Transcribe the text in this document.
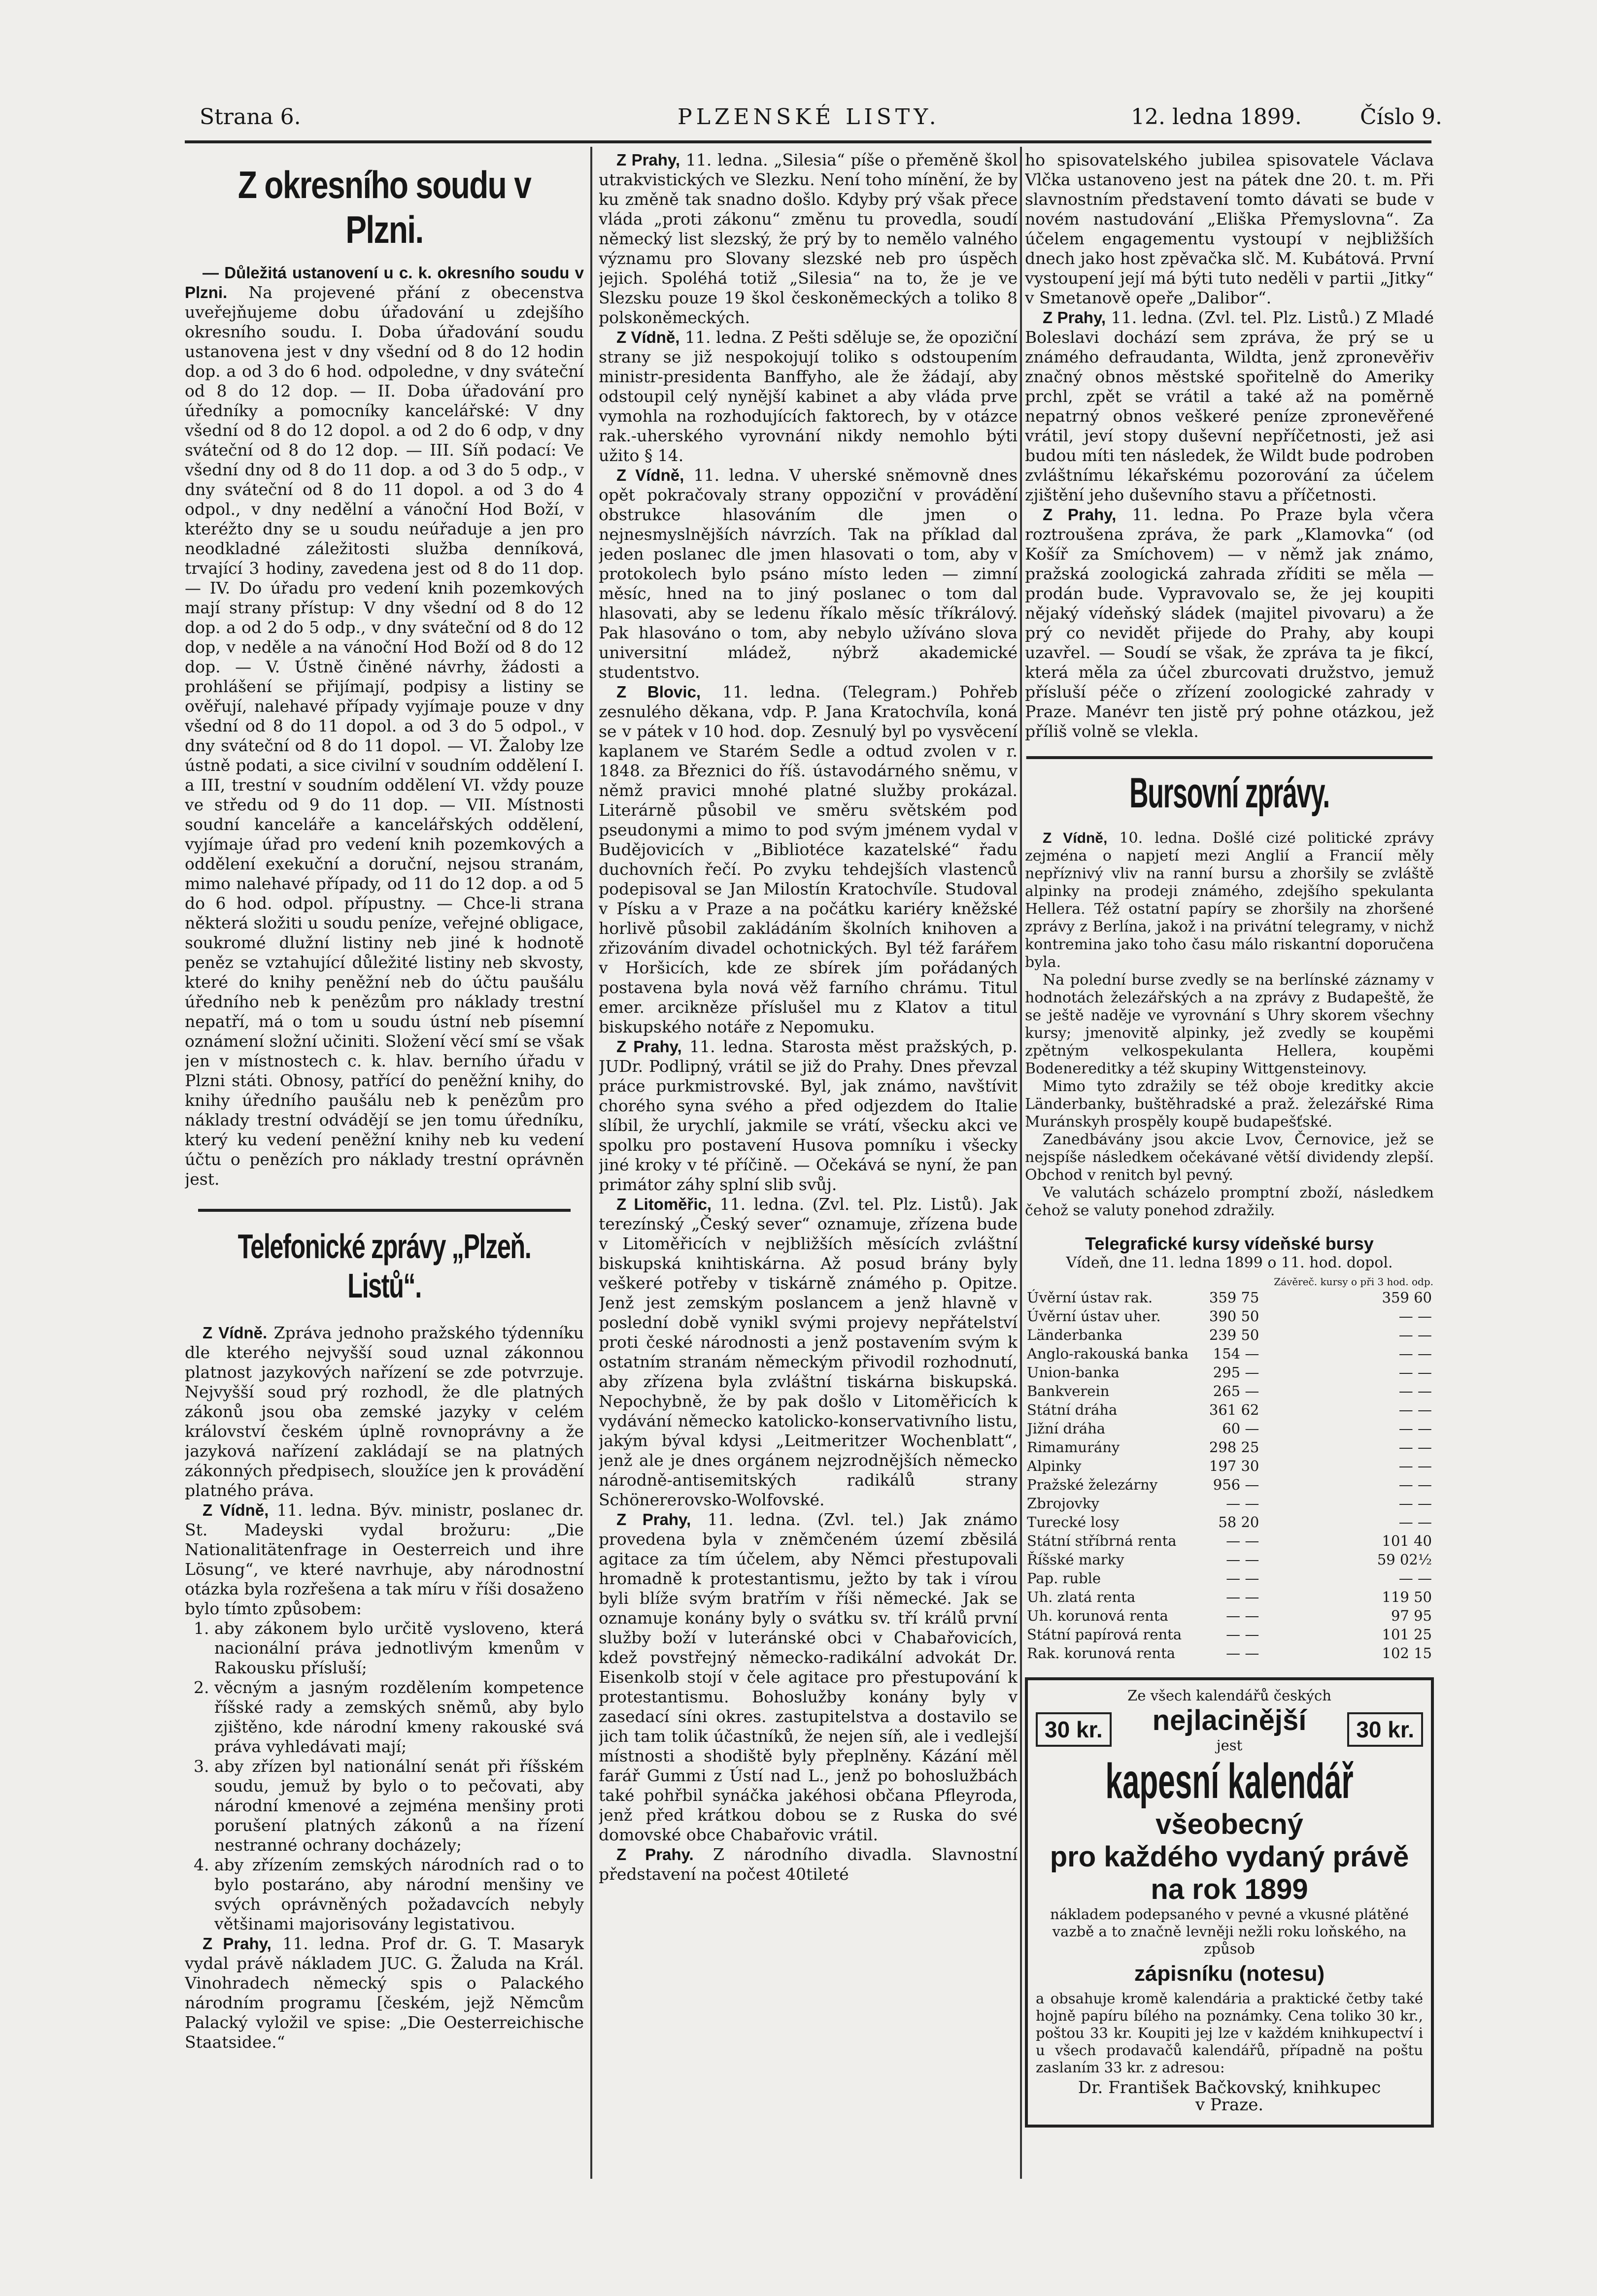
Strana 6.	PLZENSKÉ LISTY.	12. ledna 1899.	Číslo 9.
Z okresního soudu v Plzni.

— Důležitá ustanovení u c. k. okresního soudu v Plzni. Na projevené přání z obecenstva uveřejňujeme dobu úřadování u zdejšího okresního soudu. I. Doba úřadování soudu ustanovena jest v dny všední od 8 do 12 hodin dop. a od 3 do 6 hod. odpoledne, v dny sváteční od 8 do 12 dop. — II. Doba úřadování pro úředníky a pomocníky kancelářské: V dny všední od 8 do 12 dopol. a od 2 do 6 odp, v dny sváteční od 8 do 12 dop. — III. Síň podací: Ve všední dny od 8 do 11 dop. a od 3 do 5 odp., v dny sváteční od 8 do 11 dopol. a od 3 do 4 odpol., v dny nedělní a vánoční Hod Boží, v kteréžto dny se u soudu neúřaduje a jen pro neodkladné záležitosti služba denníková, trvající 3 hodiny, zavedena jest od 8 do 11 dop. — IV. Do úřadu pro vedení knih pozemkových mají strany přístup: V dny všední od 8 do 12 dop. a od 2 do 5 odp., v dny sváteční od 8 do 12 dop, v neděle a na vánoční Hod Boží od 8 do 12 dop. — V. Ústně činěné návrhy, žádosti a prohlášení se přijímají, podpisy a listiny se ověřují, nalehavé případy vyjímaje pouze v dny všední od 8 do 11 dopol. a od 3 do 5 odpol., v dny sváteční od 8 do 11 dopol. — VI. Žaloby lze ústně podati, a sice civilní v soudním oddělení I. a III, trestní v soudním oddělení VI. vždy pouze ve středu od 9 do 11 dop. — VII. Místnosti soudní kanceláře a kancelářských oddělení, vyjímaje úřad pro vedení knih pozemkových a oddělení exekuční a doruční, nejsou stranám, mimo nalehavé případy, od 11 do 12 dop. a od 5 do 6 hod. odpol. přípustny. — Chce-li strana některá složiti u soudu peníze, veřejné obligace, soukromé dlužní listiny neb jiné k hodnotě peněz se vztahující důležité listiny neb skvosty, které do knihy peněžní neb do účtu paušálu úředního neb k penězům pro náklady trestní nepatří, má o tom u soudu ústní neb písemní oznámení složní učiniti. Složení věcí smí se však jen v místnostech c. k. hlav. berního úřadu v Plzni státi. Obnosy, patřící do peněžní knihy, do knihy úředního paušálu neb k penězům pro náklady trestní odvádějí se jen tomu úředníku, který ku vedení peněžní knihy neb ku vedení účtu o penězích pro náklady trestní oprávněn jest.

Telefonické zprávy „Plzeň. Listů“.

Z Vídně. Zpráva jednoho pražského týdenníku dle kterého nejvyšší soud uznal zákonnou platnost jazykových nařízení se zde potvrzuje. Nejvyšší soud prý rozhodl, že dle platných zákonů jsou oba zemské jazyky v celém království českém úplně rovnoprávny a že jazyková nařízení zakládají se na platných zákonných předpisech, sloužíce jen k provádění platného práva.

Z Vídně, 11. ledna. Býv. ministr, poslanec dr. St. Madeyski vydal brožuru: „Die Nationalitätenfrage in Oesterreich und ihre Lösung“, ve které navrhuje, aby národnostní otázka byla rozřešena a tak míru v říši dosaženo bylo tímto způsobem:

1. aby zákonem bylo určitě vysloveno, která nacionální práva jednotlivým kmenům v Rakousku přísluší;
2. věcným a jasným rozdělením kompetence říšské rady a zemských sněmů, aby bylo zjištěno, kde národní kmeny rakouské svá práva vyhledávati mají;
3. aby zřízen byl nationální senát při říšském soudu, jemuž by bylo o to pečovati, aby národní kmenové a zejména menšiny proti porušení platných zákonů a na řízení nestranné ochrany docházely;
4. aby zřízením zemských národních rad o to bylo postaráno, aby národní menšiny ve svých oprávněných požadavcích nebyly většinami majorisovány legistativou.

Z Prahy, 11. ledna. Prof dr. G. T. Masaryk vydal právě nákladem JUC. G. Žaluda na Král. Vinohradech německý spis o Palackého národním programu [českém, jejž Němcům Palacký vyložil ve spise: „Die Oesterreichische Staatsidee.“

Z Prahy, 11. ledna. „Silesia“ píše o přeměně škol utrakvistických ve Slezku. Není toho mínění, že by ku změně tak snadno došlo. Kdyby prý však přece vláda „proti zákonu“ změnu tu provedla, soudí německý list slezský, že prý by to nemělo valného významu pro Slovany slezské neb pro úspěch jejich. Spoléhá totiž „Silesia“ na to, že je ve Slezsku pouze 19 škol českoněmeckých a toliko 8 polskoněmeckých.

Z Vídně, 11. ledna. Z Pešti sděluje se, že opoziční strany se již nespokojují toliko s odstoupením ministr-presidenta Banffyho, ale že žádají, aby odstoupil celý nynější kabinet a aby vláda prve vymohla na rozhodujících faktorech, by v otázce rak.-uherského vyrovnání nikdy nemohlo býti užito § 14.

Z Vídně, 11. ledna. V uherské sněmovně dnes opět pokračovaly strany oppoziční v provádění obstrukce hlasováním dle jmen o nejnesmyslnějších návrzích. Tak na příklad dal jeden poslanec dle jmen hlasovati o tom, aby v protokolech bylo psáno místo leden — zimní měsíc, hned na to jiný poslanec o tom dal hlasovati, aby se ledenu říkalo měsíc tříkrálový. Pak hlasováno o tom, aby nebylo užíváno slova universitní mládež, nýbrž akademické studentstvo.

Z Blovic, 11. ledna. (Telegram.) Pohřeb zesnulého děkana, vdp. P. Jana Kratochvíla, koná se v pátek v 10 hod. dop. Zesnulý byl po vysvěcení kaplanem ve Starém Sedle a odtud zvolen v r. 1848. za Březnici do říš. ústavodárného sněmu, v němž pravici mnohé platné služby prokázal. Literárně působil ve směru světském pod pseudonymi a mimo to pod svým jménem vydal v Budějovicích v „Bibliotéce kazatelské“ řadu duchovních řečí. Po zvyku tehdejších vlastenců podepisoval se Jan Milostín Kratochvíle. Studoval v Písku a v Praze a na počátku kariéry kněžské horlivě působil zakládáním školních knihoven a zřizováním divadel ochotnických. Byl též farářem v Horšicích, kde ze sbírek jím pořádaných postavena byla nová věž farního chrámu. Titul emer. arcikněze příslušel mu z Klatov a titul biskupského notáře z Nepomuku.

Z Prahy, 11. ledna. Starosta měst pražských, p. JUDr. Podlipný, vrátil se již do Prahy. Dnes převzal práce purkmistrovské. Byl, jak známo, navštívit chorého syna svého a před odjezdem do Italie slíbil, že urychlí, jakmile se vrátí, všecku akci ve spolku pro postavení Husova pomníku i všecky jiné kroky v té příčině. — Očekává se nyní, že pan primátor záhy splní slib svůj.

Z Litoměřic, 11. ledna. (Zvl. tel. Plz. Listů). Jak terezínský „Český sever“ oznamuje, zřízena bude v Litoměřicích v nejbližších měsících zvláštní biskupská knihtiskárna. Až posud brány byly veškeré potřeby v tiskárně známého p. Opitze. Jenž jest zemským poslancem a jenž hlavně v poslední době vynikl svými projevy nepřátelství proti české národnosti a jenž postavením svým k ostatním stranám německým přivodil rozhodnutí, aby zřízena byla zvláštní tiskárna biskupská. Nepochybně, že by pak došlo v Litoměřicích k vydávání německo katolicko-konservativního listu, jakým býval kdysi „Leitmeritzer Wochenblatt“, jenž ale je dnes orgánem nejzrodnějších německo národně-antisemitských radikálů strany Schönererovsko-Wolfovské.

Z Prahy, 11. ledna. (Zvl. tel.) Jak známo provedena byla v zněmčeném území zběsilá agitace za tím účelem, aby Němci přestupovali hromadně k protestantismu, ježto by tak i vírou byli blíže svým bratřím v říši německé. Jak se oznamuje konány byly o svátku sv. tří králů první služby boží v luteránské obci v Chabařovicích, kdež povstřejný německo-radikální advokát Dr. Eisenkolb stojí v čele agitace pro přestupování k protestantismu. Bohoslužby konány byly v zasedací síni okres. zastupitelstva a dostavilo se jich tam tolik účastníků, že nejen síň, ale i vedlejší místnosti a shodiště byly přeplněny. Kázání měl farář Gummi z Ústí nad L., jenž po bohoslužbách také pohřbil synáčka jakéhosi občana Pfleyroda, jenž před krátkou dobou se z Ruska do své domovské obce Chabařovic vrátil.

Z Prahy. Z národního divadla. Slavnostní představení na počest 40tileté

ho spisovatelského jubilea spisovatele Václava Vlčka ustanoveno jest na pátek dne 20. t. m. Při slavnostním představení tomto dávati se bude v novém nastudování „Eliška Přemyslovna“. Za účelem engagementu vystoupí v nejbližších dnech jako host zpěvačka slč. M. Kubátová. První vystoupení její má býti tuto neděli v partii „Jitky“ v Smetanově opeře „Dalibor“.

Z Prahy, 11. ledna. (Zvl. tel. Plz. Listů.) Z Mladé Boleslavi dochází sem zpráva, že prý se u známého defraudanta, Wildta, jenž zpronevěřiv značný obnos městské spořitelně do Ameriky prchl, zpět se vrátil a také až na poměrně nepatrný obnos veškeré peníze zpronevěřené vrátil, jeví stopy duševní nepříčetnosti, jež asi budou míti ten následek, že Wildt bude podroben zvláštnímu lékařskému pozorování za účelem zjištění jeho duševního stavu a příčetnosti.

Z Prahy, 11. ledna. Po Praze byla včera roztroušena zpráva, že park „Klamovka“ (od Košíř za Smíchovem) — v němž jak známo, pražská zoologická zahrada zříditi se měla — prodán bude. Vypravovalo se, že jej koupiti nějaký vídeňský sládek (majitel pivovaru) a že prý co nevidět přijede do Prahy, aby koupi uzavřel. — Soudí se však, že zpráva ta je fikcí, která měla za účel zburcovati družstvo, jemuž přísluší péče o zřízení zoologické zahrady v Praze. Manévr ten jistě prý pohne otázkou, jež příliš volně se vlekla.

Bursovní zprávy.

Z Vídně, 10. ledna. Došlé cizé politické zprávy zejména o napjetí mezi Anglií a Francií měly nepříznivý vliv na ranní bursu a zhoršily se zvláště alpinky na prodeji známého, zdejšího spekulanta Hellera. Též ostatní papíry se zhoršily na zhoršené zprávy z Berlína, jakož i na privátní telegramy, v nichž kontremina jako toho času málo riskantní doporučena byla.

Na polední burse zvedly se na berlínské záznamy v hodnotách železářských a na zprávy z Budapeště, že se ještě naděje ve vyrovnání s Uhry skorem všechny kursy; jmenovitě alpinky, jež zvedly se koupěmi zpětným velkospekulanta Hellera, koupěmi Bodenereditky a též skupiny Wittgensteinovy.

Mimo tyto zdražily se též oboje kreditky akcie Länderbanky, buštěhradské a praž. železářské Rima Muránskyh prospěly koupě budapešťské.

Zanedbávány jsou akcie Lvov, Černovice, jež se nejspíše následkem očekávané větší dividendy zlepší. Obchod v renitch byl pevný.

Ve valutách scházelo promptní zboží, následkem čehož se valuty ponehod zdražily.

Telegrafické kursy vídeňské bursy
Vídeň, dne 11. ledna 1899 o 11. hod. dopol.
		Závěreč. kursy o při 3 hod. odp.
Úvěrní ústav rak.	359 75	359 60
Úvěrní ústav uher.	390 50	— —
Länderbanka	239 50	— —
Anglo-rakouská banka	154 —	— —
Union-banka	295 —	— —
Bankverein	265 —	— —
Státní dráha	361 62	— —
Jižní dráha	60 —	— —
Rimamurány	298 25	— —
Alpinky	197 30	— —
Pražské železárny	956 —	— —
Zbrojovky	— —	— —
Turecké losy	58 20	— —
Státní stříbrná renta	— —	101 40
Říšské marky	— —	59 02½
Pap. ruble	— —	— —
Uh. zlatá renta	— —	119 50
Uh. korunová renta	— —	97 95
Státní papírová renta	— —	101 25
Rak. korunová renta	— —	102 15
Ze všech kalendářů českých
30 kr.	nejlacinější
jest
30 kr.
kapesní kalendář
všeobecný
pro každého vydaný právě
na rok 1899
nákladem podepsaného v pevné a vkusné plátěné vazbě a to značně levněji nežli roku loňského, na způsob
zápisníku (notesu)
a obsahuje kromě kalendária a praktické četby také hojně papíru bílého na poznámky. Cena toliko 30 kr., poštou 33 kr. Koupiti jej lze v každém knihkupectví i u všech prodavačů kalendářů, případně na poštu zaslaním 33 kr. z adresou:
Dr. František Bačkovský, knihkupec
v Praze.
